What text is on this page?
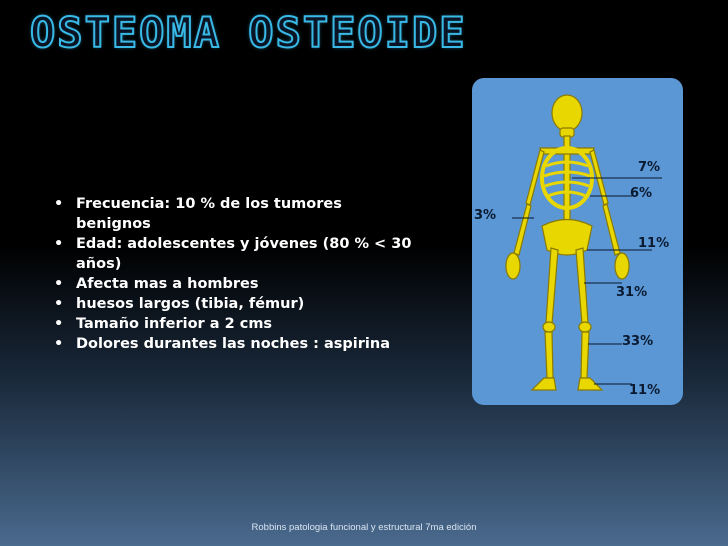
OSTEOMA OSTEOIDE
• Frecuencia: 10 % de los tumores benignos
• Edad: adolescentes y jóvenes (80 % < 30 años)
• Afecta mas a hombres
• huesos largos (tibia, fémur)
• Tamaño inferior a 2 cms
• Dolores durantes las noches : aspirina
7%
6%
3%
11%
31%
33%
11%
Robbins patologia funcional y estructural 7ma edición
